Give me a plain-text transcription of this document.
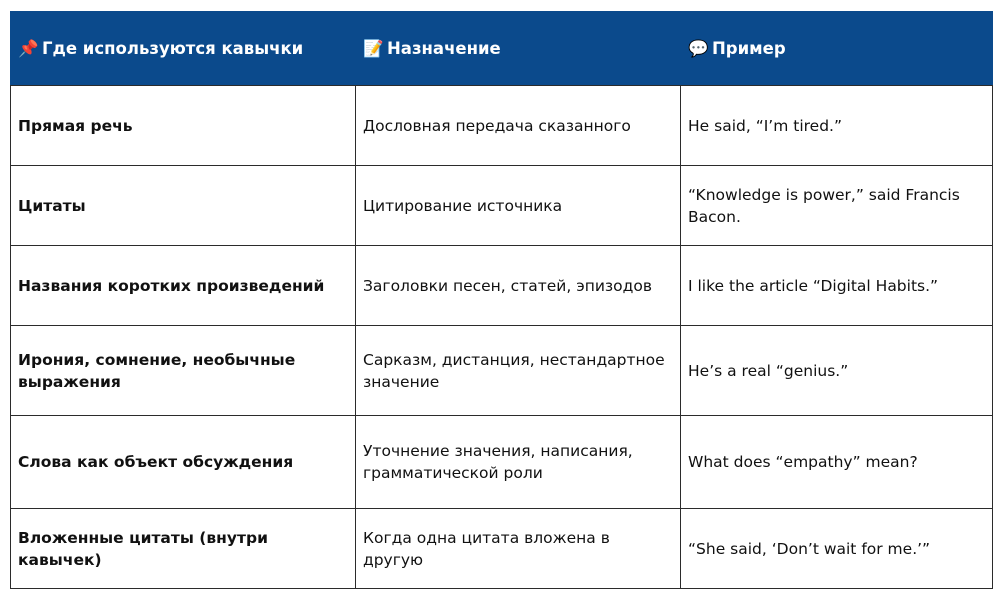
📌 Где используются кавычки	📝 Назначение	💬 Пример
Прямая речь	Дословная передача сказанного	He said, “I’m tired.”
Цитаты	Цитирование источника	“Knowledge is power,” said Francis Bacon.
Названия коротких произведений	Заголовки песен, статей, эпизодов	I like the article “Digital Habits.”
Ирония, сомнение, необычные выражения	Сарказм, дистанция, нестандартное значение	He’s a real “genius.”
Слова как объект обсуждения	Уточнение значения, написания, грамматической роли	What does “empathy” mean?
Вложенные цитаты (внутри кавычек)	Когда одна цитата вложена в другую	“She said, ‘Don’t wait for me.’”
